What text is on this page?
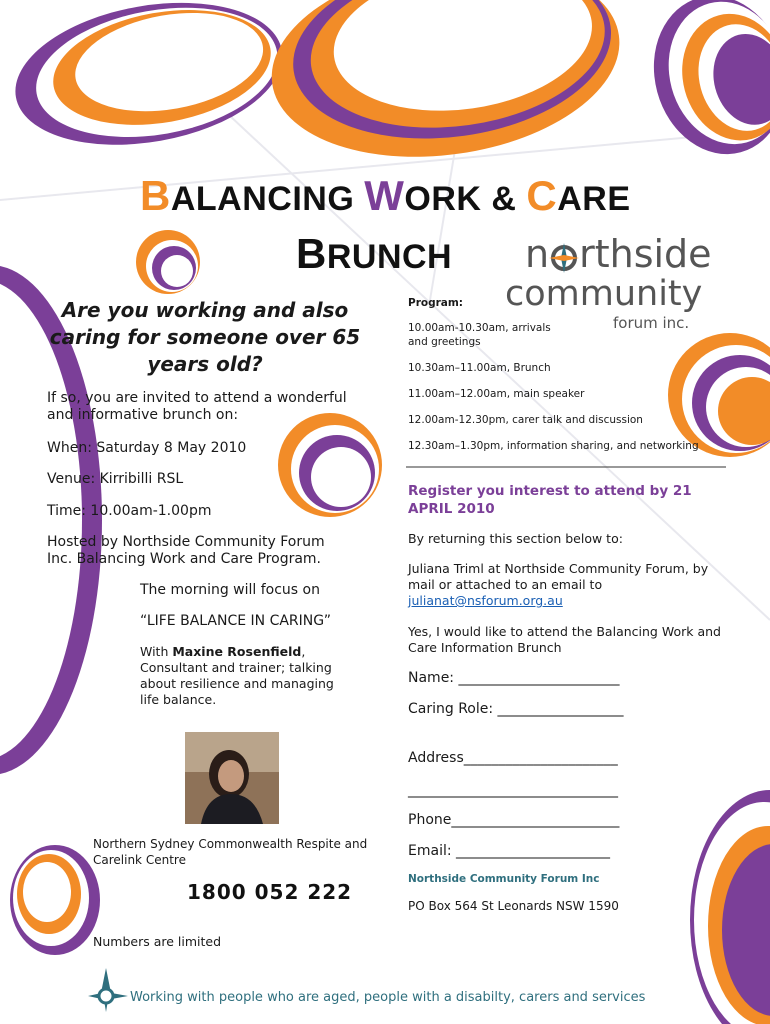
BALANCING WORK & CARE
BRUNCH n rthside
community
forum inc.
Are you working and also caring for someone over 65 years old?
If so, you are invited to attend a wonderful and informative brunch on:
When: Saturday 8 May 2010
Venue: Kirribilli RSL
Time: 10.00am-1.00pm
Hosted by Northside Community Forum Inc. Balancing Work and Care Program.
The morning will focus on
“LIFE BALANCE IN CARING”
With Maxine Rosenfield, Consultant and trainer; talking about resilience and managing life balance.
Northern Sydney Commonwealth Respite and Carelink Centre
1800 052 222
Numbers are limited
Program:
10.00am-10.30am, arrivals and greetings
10.30am–11.00am, Brunch
11.00am–12.00am, main speaker
12.00am-12.30pm, carer talk and discussion
12.30am–1.30pm, information sharing, and networking
Register you interest to attend by 21 APRIL 2010
By returning this section below to:
Juliana Triml at Northside Community Forum, by mail or attached to an email to
julianat@nsforum.org.au
Yes, I would like to attend the Balancing Work and Care Information Brunch
Name: _______________________
Caring Role: __________________
Address______________________
______________________________
Phone________________________
Email: ______________________
Northside Community Forum Inc
PO Box 564 St Leonards NSW 1590
Working with people who are aged, people with a disabilty, carers and services
